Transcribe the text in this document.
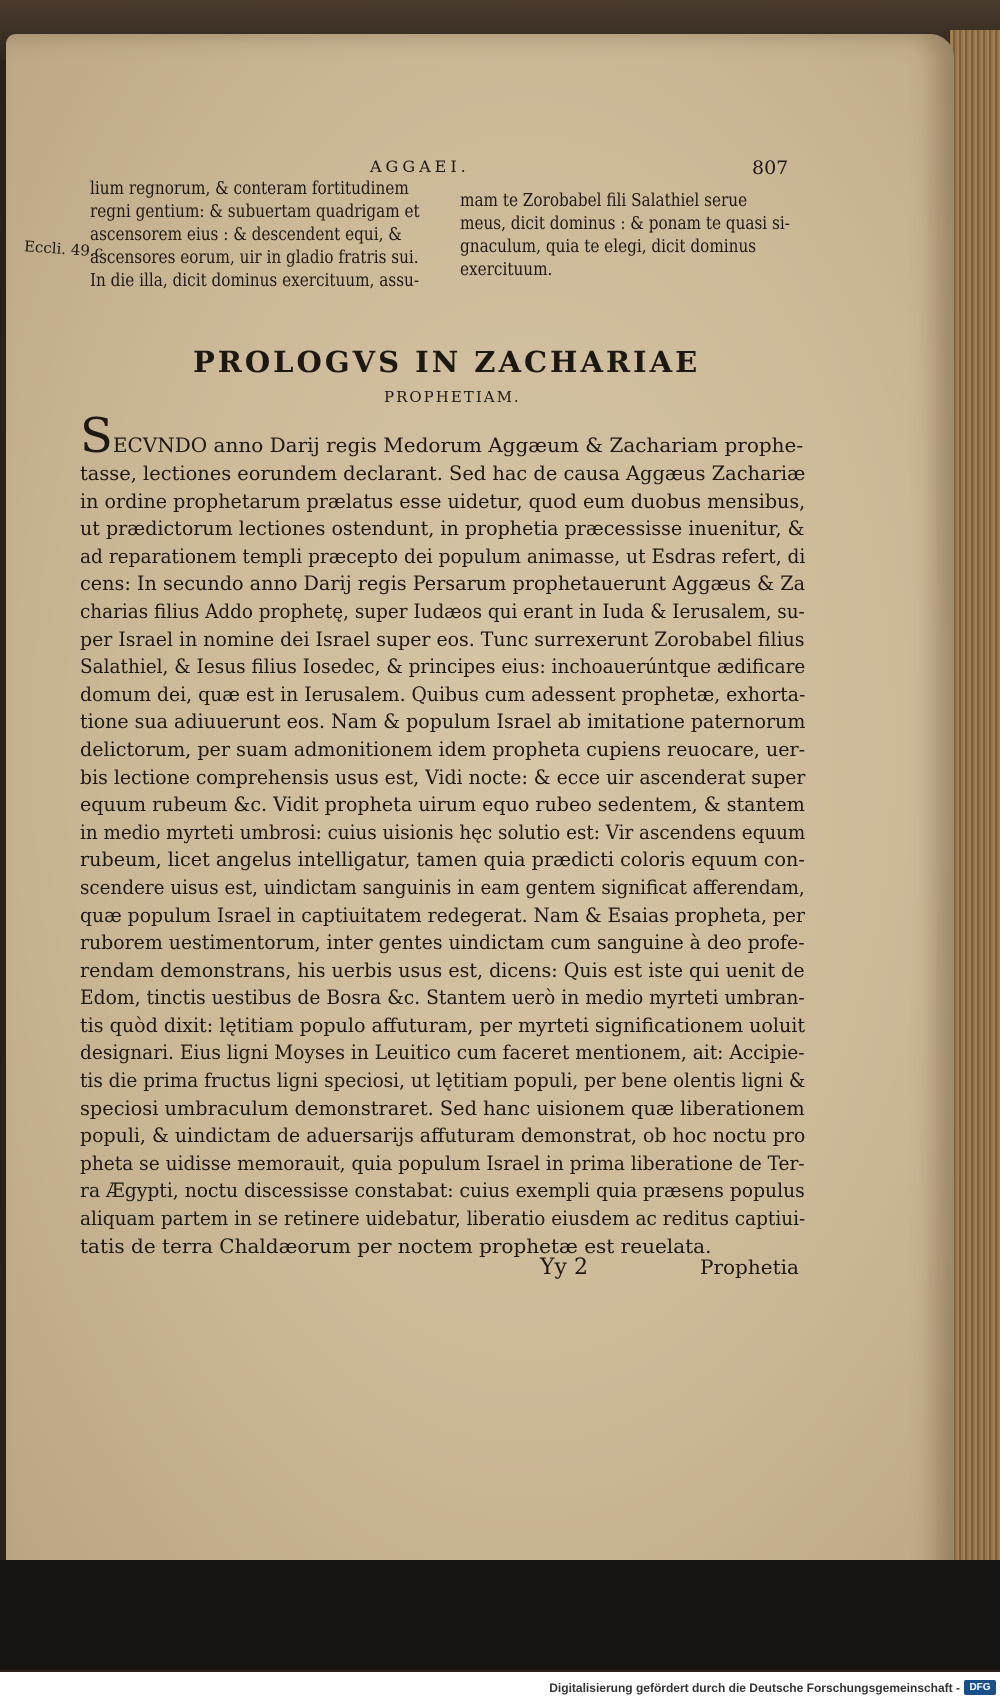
AGGAEI.	807
lium regnorum, & conteram fortitudinem
regni gentium: & subuertam quadrigam et
ascensorem eius : & descendent equi, &
ascensores eorum, uir in gladio fratris sui.
In die illa, dicit dominus exercituum, assu-
mam te Zorobabel fili Salathiel serue
meus, dicit dominus : & ponam te quasi si-
gnaculum, quia te elegi, dicit dominus
exercituum.
Eccli. 49.c
PROLOGVS IN ZACHARIAE
PROPHETIAM.
SECVNDO anno Darij regis Medorum Aggæum & Zachariam prophe-
tasse, lectiones eorundem declarant. Sed hac de causa Aggæus Zachariæ
in ordine prophetarum prælatus esse uidetur, quod eum duobus mensibus,
ut prædictorum lectiones ostendunt, in prophetia præcessisse inuenitur, &
ad reparationem templi præcepto dei populum animasse, ut Esdras refert, di
cens: In secundo anno Darij regis Persarum prophetauerunt Aggæus & Za
charias filius Addo prophetę, super Iudæos qui erant in Iuda & Ierusalem, su-
per Israel in nomine dei Israel super eos. Tunc surrexerunt Zorobabel filius
Salathiel, & Iesus filius Iosedec, & principes eius: inchoauerúntque ædificare
domum dei, quæ est in Ierusalem. Quibus cum adessent prophetæ, exhorta-
tione sua adiuuerunt eos. Nam & populum Israel ab imitatione paternorum
delictorum, per suam admonitionem idem propheta cupiens reuocare, uer-
bis lectione comprehensis usus est, Vidi nocte: & ecce uir ascenderat super
equum rubeum &c. Vidit propheta uirum equo rubeo sedentem, & stantem
in medio myrteti umbrosi: cuius uisionis hęc solutio est: Vir ascendens equum
rubeum, licet angelus intelligatur, tamen quia prædicti coloris equum con-
scendere uisus est, uindictam sanguinis in eam gentem significat afferendam,
quæ populum Israel in captiuitatem redegerat. Nam & Esaias propheta, per
ruborem uestimentorum, inter gentes uindictam cum sanguine à deo profe-
rendam demonstrans, his uerbis usus est, dicens: Quis est iste qui uenit de
Edom, tinctis uestibus de Bosra &c. Stantem uerò in medio myrteti umbran-
tis quòd dixit: lętitiam populo affuturam, per myrteti significationem uoluit
designari. Eius ligni Moyses in Leuitico cum faceret mentionem, ait: Accipie-
tis die prima fructus ligni speciosi, ut lętitiam populi, per bene olentis ligni &
speciosi umbraculum demonstraret. Sed hanc uisionem quæ liberationem
populi, & uindictam de aduersarijs affuturam demonstrat, ob hoc noctu pro
pheta se uidisse memorauit, quia populum Israel in prima liberatione de Ter-
ra Ægypti, noctu discessisse constabat: cuius exempli quia præsens populus
aliquam partem in se retinere uidebatur, liberatio eiusdem ac reditus captiui-
tatis de terra Chaldæorum per noctem prophetæ est reuelata.
Yy 2	Prophetia
Digitalisierung gefördert durch die Deutsche Forschungsgemeinschaft - DFG
